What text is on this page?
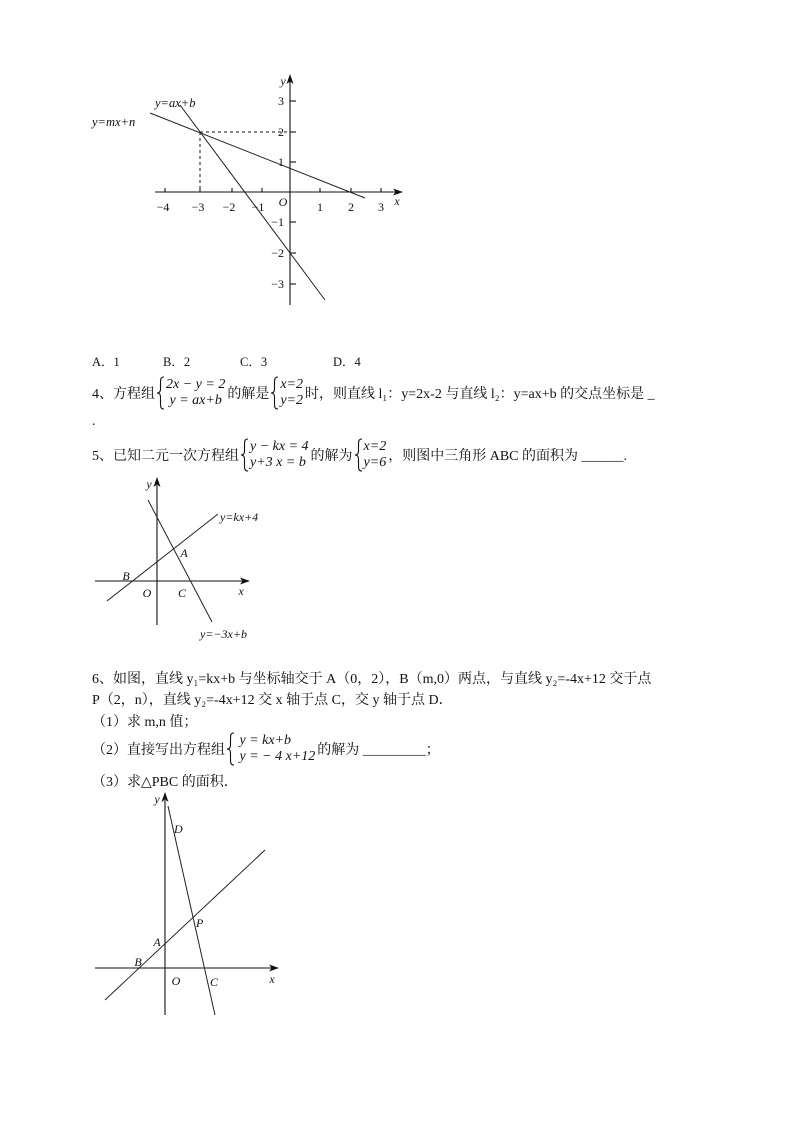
−4 −3 −2 −1	1 2 3
3
2
1
−1
−2
−3
O	x
y
y=ax+b
y=mx+n
A．1	B．2	C．3	D．4
4、方程组
2x − y = 2
y = ax+b 的解是
x=2
y=2 时，则直线 l₁：y=2x-2 与直线 l₂：y=ax+b 的交点坐标是 _
.
5、已知二元一次方程组
y − kx = 4
y+3 x = b 的解为
x=2
y=6 ，则图中三角形 ABC 的面积为 ______.
y
x
O
B
C
A
y=kx+4
y=−3x+b
6、如图，直线 y₁=kx+b 与坐标轴交于 A（0，2），B（m,0）两点，与直线 y₂=-4x+12 交于点
P（2，n），直线 y₂=-4x+12 交 x 轴于点 C，交 y 轴于点 D．
（1）求 m,n 值；
（2）直接写出方程组
y = kx+b
y = − 4 x+12 的解为 _________；
（3）求△PBC 的面积．
y
x
O
B
C
A
P
D
